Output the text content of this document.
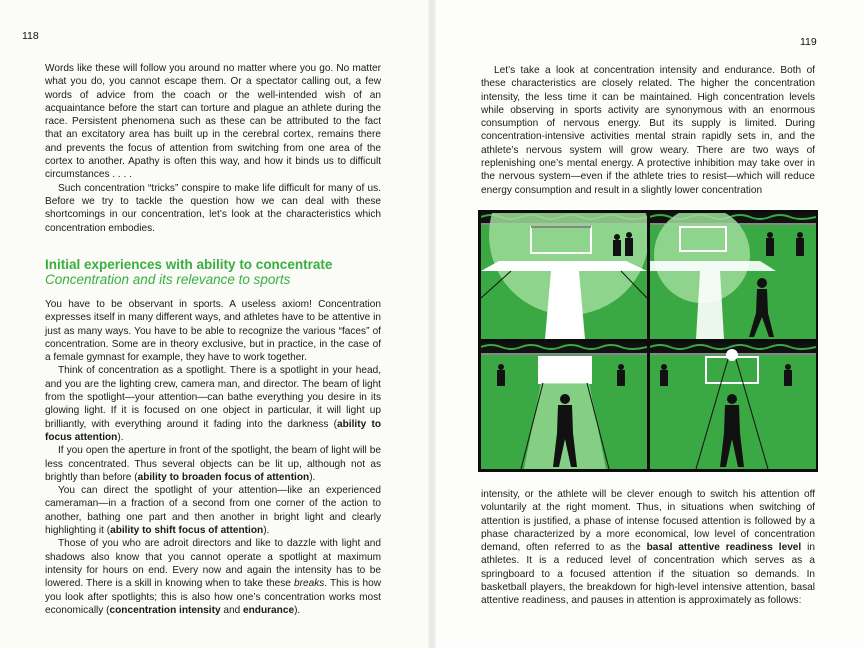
118	119

Words like these will follow you around no matter where you go. No matter what you do, you cannot escape them. Or a spectator calling out, a few words of advice from the coach or the well-intended wish of an acquaintance before the start can torture and plague an athlete during the race. Persistent phenomena such as these can be attributed to the fact that an excitatory area has built up in the cerebral cortex, remains there and prevents the focus of attention from switching from one area of the cortex to another. Apathy is often this way, and how it binds us to difficult circumstances . . . .

Such concentration “tricks” conspire to make life difficult for many of us. Before we try to tackle the question how we can deal with these shortcomings in our concentration, let’s look at the characteristics which concentration embodies.

Initial experiences with ability to concentrate
Concentration and its relevance to sports

You have to be observant in sports. A useless axiom! Concentration expresses itself in many different ways, and athletes have to be attentive in just as many ways. You have to be able to recognize the various “faces” of concentration. Some are in theory exclusive, but in practice, in the case of a female gymnast for example, they have to work together.

Think of concentration as a spotlight. There is a spotlight in your head, and you are the lighting crew, camera man, and director. The beam of light from the spotlight—your attention—can bathe everything you desire in its glowing light. If it is focused on one object in particular, it will light up brilliantly, with everything around it fading into the darkness (ability to focus attention).

If you open the aperture in front of the spotlight, the beam of light will be less concentrated. Thus several objects can be lit up, although not as brightly than before (ability to broaden focus of attention).

You can direct the spotlight of your attention—like an experienced cameraman—in a fraction of a second from one corner of the action to another, bathing one part and then another in bright light and clearly highlighting it (ability to shift focus of attention).

Those of you who are adroit directors and like to dazzle with light and shadows also know that you cannot operate a spotlight at maximum intensity for hours on end. Every now and again the intensity has to be lowered. There is a skill in knowing when to take these breaks. This is how you look after spotlights; this is also how one’s concentration works most economically (concentration intensity and endurance).

Let’s take a look at concentration intensity and endurance. Both of these characteristics are closely related. The higher the concentration intensity, the less time it can be maintained. High concentration levels while observing in sports activity are synonymous with an enormous consumption of nervous energy. But its supply is limited. During concentration-intensive activities mental strain rapidly sets in, and the athlete’s nervous system will grow weary. There are two ways of replenishing one’s mental energy. A protective inhibition may take over in the nervous system—even if the athlete tries to resist—which will reduce energy consumption and result in a slightly lower concentration

intensity, or the athlete will be clever enough to switch his attention off voluntarily at the right moment. Thus, in situations when switching of attention is justified, a phase of intense focused attention is followed by a phase characterized by a more economical, low level of concentration demand, often referred to as the basal attentive readiness level in athletes. It is a reduced level of concentration which serves as a springboard to a focused attention if the situation so demands. In basketball players, the breakdown for high-level intensive attention, basal attentive readiness, and pauses in attention is approximately as follows:
